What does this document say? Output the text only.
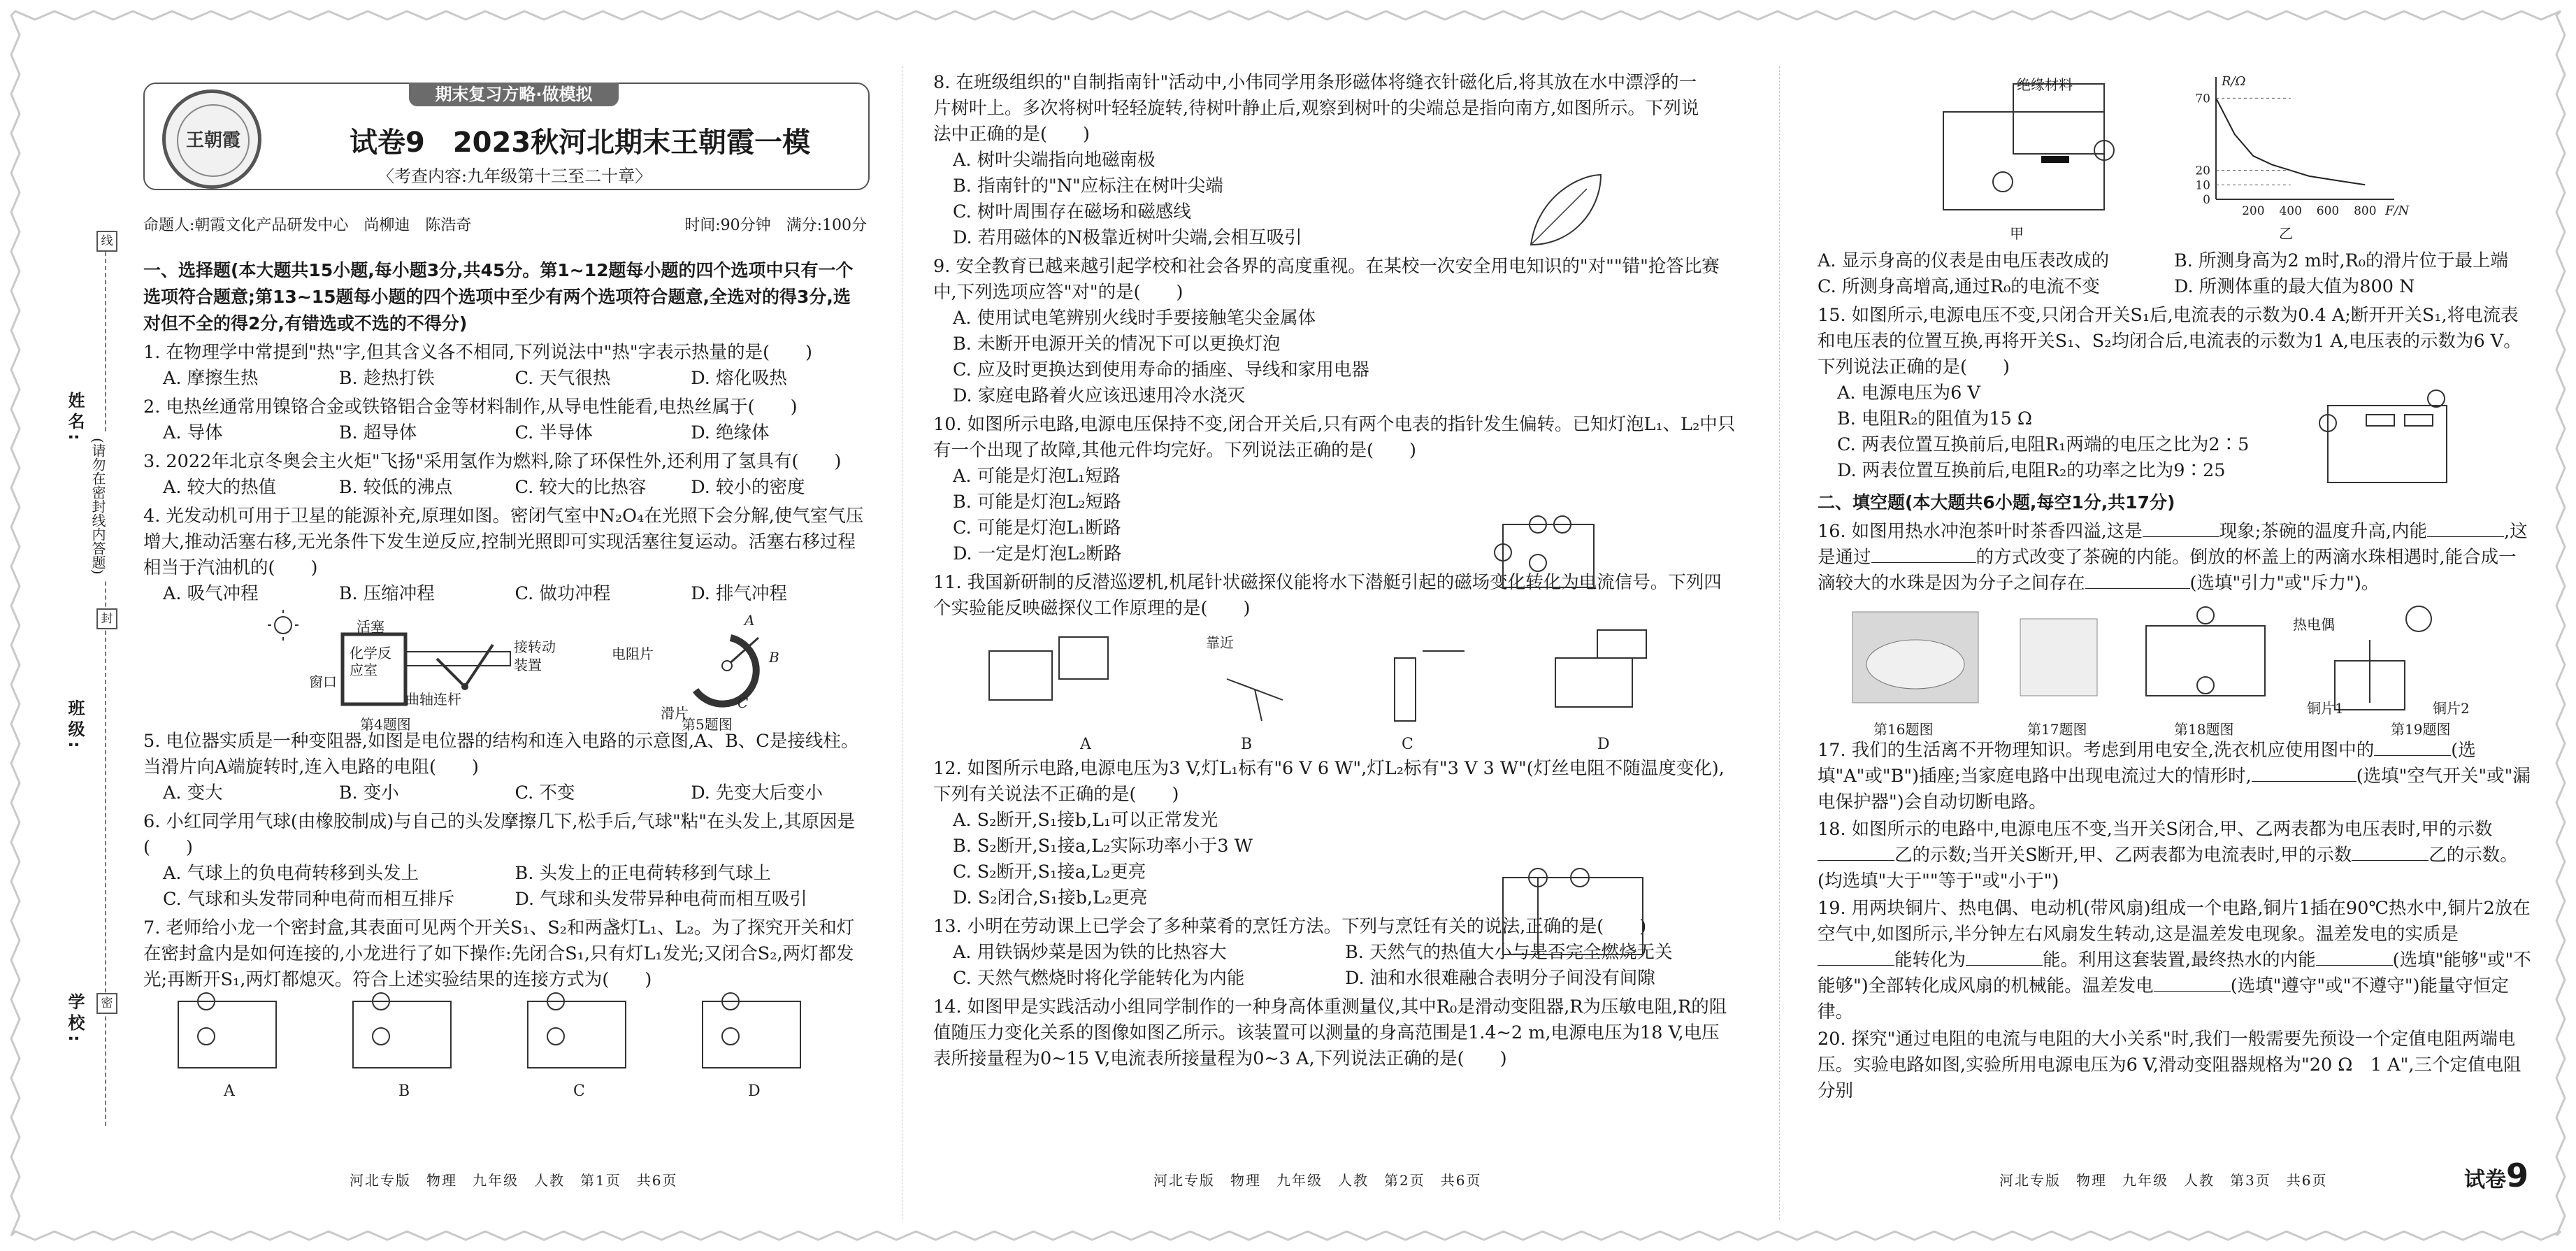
姓名:
班级:
学校:
线
封
密
(请勿在密封线内答题)
期末复习方略·做模拟
王朝霞	试卷9　2023秋河北期末王朝霞一模
〈考查内容:九年级第十三至二十章〉
命题人:朝霞文化产品研发中心　尚柳迪　陈浩奇	时间:90分钟　满分:100分
一、选择题(本大题共15小题,每小题3分,共45分。第1~12题每小题的四个选项中只有一个选项符合题意;第13~15题每小题的四个选项中至少有两个选项符合题意,全选对的得3分,选对但不全的得2分,有错选或不选的不得分)
1. 在物理学中常提到"热"字,但其含义各不相同,下列说法中"热"字表示热量的是(　　)
A. 摩擦生热	B. 趁热打铁	C. 天气很热	D. 熔化吸热
2. 电热丝通常用镍铬合金或铁铬铝合金等材料制作,从导电性能看,电热丝属于(　　)
A. 导体	B. 超导体	C. 半导体	D. 绝缘体
3. 2022年北京冬奥会主火炬"飞扬"采用氢作为燃料,除了环保性外,还利用了氢具有(　　)
A. 较大的热值	B. 较低的沸点	C. 较大的比热容	D. 较小的密度
4. 光发动机可用于卫星的能源补充,原理如图。密闭气室中N₂O₄在光照下会分解,使气室气压增大,推动活塞右移,无光条件下发生逆反应,控制光照即可实现活塞往复运动。活塞右移过程相当于汽油机的(　　)
A. 吸气冲程	B. 压缩冲程	C. 做功冲程	D. 排气冲程
A
B
C
活塞
窗口
化学反应室
曲轴连杆
接转动装置
电阻片
滑片
第4题图	第5题图
5. 电位器实质是一种变阻器,如图是电位器的结构和连入电路的示意图,A、B、C是接线柱。当滑片向A端旋转时,连入电路的电阻(　　)
A. 变大	B. 变小	C. 不变	D. 先变大后变小
6. 小红同学用气球(由橡胶制成)与自己的头发摩擦几下,松手后,气球"粘"在头发上,其原因是(　　)
A. 气球上的负电荷转移到头发上	B. 头发上的正电荷转移到气球上
C. 气球和头发带同种电荷而相互排斥	D. 气球和头发带异种电荷而相互吸引
7. 老师给小龙一个密封盒,其表面可见两个开关S₁、S₂和两盏灯L₁、L₂。为了探究开关和灯在密封盒内是如何连接的,小龙进行了如下操作:先闭合S₁,只有灯L₁发光;又闭合S₂,两灯都发光;再断开S₁,两灯都熄灭。符合上述实验结果的连接方式为(　　)
A	B	C	D
8. 在班级组织的"自制指南针"活动中,小伟同学用条形磁体将缝衣针磁化后,将其放在水中漂浮的一片树叶上。多次将树叶轻轻旋转,待树叶静止后,观察到树叶的尖端总是指向南方,如图所示。下列说法中正确的是(　　)
A. 树叶尖端指向地磁南极
B. 指南针的"N"应标注在树叶尖端
C. 树叶周围存在磁场和磁感线
D. 若用磁体的N极靠近树叶尖端,会相互吸引
9. 安全教育已越来越引起学校和社会各界的高度重视。在某校一次安全用电知识的"对""错"抢答比赛中,下列选项应答"对"的是(　　)
A. 使用试电笔辨别火线时手要接触笔尖金属体
B. 未断开电源开关的情况下可以更换灯泡
C. 应及时更换达到使用寿命的插座、导线和家用电器
D. 家庭电路着火应该迅速用冷水浇灭
10. 如图所示电路,电源电压保持不变,闭合开关后,只有两个电表的指针发生偏转。已知灯泡L₁、L₂中只有一个出现了故障,其他元件均完好。下列说法正确的是(　　)
A. 可能是灯泡L₁短路
B. 可能是灯泡L₂短路
C. 可能是灯泡L₁断路
D. 一定是灯泡L₂断路
11. 我国新研制的反潜巡逻机,机尾针状磁探仪能将水下潜艇引起的磁场变化转化为电流信号。下列四个实验能反映磁探仪工作原理的是(　　)
A	B	C	D
靠近
12. 如图所示电路,电源电压为3 V,灯L₁标有"6 V 6 W",灯L₂标有"3 V 3 W"(灯丝电阻不随温度变化),下列有关说法不正确的是(　　)
A. S₂断开,S₁接b,L₁可以正常发光
B. S₂断开,S₁接a,L₂实际功率小于3 W
C. S₂断开,S₁接a,L₂更亮
D. S₂闭合,S₁接b,L₂更亮
13. 小明在劳动课上已学会了多种菜肴的烹饪方法。下列与烹饪有关的说法,正确的是(　　)
A. 用铁锅炒菜是因为铁的比热容大	B. 天然气的热值大小与是否完全燃烧无关
C. 天然气燃烧时将化学能转化为内能	D. 油和水很难融合表明分子间没有间隙
14. 如图甲是实践活动小组同学制作的一种身高体重测量仪,其中R₀是滑动变阻器,R为压敏电阻,R的阻值随压力变化关系的图像如图乙所示。该装置可以测量的身高范围是1.4~2 m,电源电压为18 V,电压表所接量程为0~15 V,电流表所接量程为0~3 A,下列说法正确的是(　　)
绝缘材料
甲	乙
70
20
10
0
200 400 600 800
R/Ω
F/N
A. 显示身高的仪表是由电压表改成的	B. 所测身高为2 m时,R₀的滑片位于最上端
C. 所测身高增高,通过R₀的电流不变	D. 所测体重的最大值为800 N
15. 如图所示,电源电压不变,只闭合开关S₁后,电流表的示数为0.4 A;断开开关S₁,将电流表和电压表的位置互换,再将开关S₁、S₂均闭合后,电流表的示数为1 A,电压表的示数为6 V。下列说法正确的是(　　)
A. 电源电压为6 V
B. 电阻R₂的阻值为15 Ω
C. 两表位置互换前后,电阻R₁两端的电压之比为2∶5
D. 两表位置互换前后,电阻R₂的功率之比为9∶25
二、填空题(本大题共6小题,每空1分,共17分)
16. 如图用热水冲泡茶叶时茶香四溢,这是	现象;茶碗的温度升高,内能	,这是通过	的方式改变了茶碗的内能。倒放的杯盖上的两滴水珠相遇时,能合成一滴较大的水珠是因为分子之间存在	(选填"引力"或"斥力")。
第16题图	第17题图	第18题图	第19题图
热电偶
铜片1	铜片2
17. 我们的生活离不开物理知识。考虑到用电安全,洗衣机应使用图中的	(选填"A"或"B")插座;当家庭电路中出现电流过大的情形时,	(选填"空气开关"或"漏电保护器")会自动切断电路。
18. 如图所示的电路中,电源电压不变,当开关S闭合,甲、乙两表都为电压表时,甲的示数乙的示数;当开关S断开,甲、乙两表都为电流表时,甲的示数	乙的示数。(均选填"大于""等于"或"小于")
19. 用两块铜片、热电偶、电动机(带风扇)组成一个电路,铜片1插在90℃热水中,铜片2放在空气中,如图所示,半分钟左右风扇发生转动,这是温差发电现象。温差发电的实质是能转化为	能。利用这套装置,最终热水的内能	(选填"能够"或"不能够")全部转化成风扇的机械能。温差发电	(选填"遵守"或"不遵守")能量守恒定律。
20. 探究"通过电阻的电流与电阻的大小关系"时,我们一般需要先预设一个定值电阻两端电压。实验电路如图,实验所用电源电压为6 V,滑动变阻器规格为"20 Ω　1 A",三个定值电阻分别
河北专版　物理　九年级　人教　第1页　共6页	河北专版　物理　九年级　人教　第2页　共6页	河北专版　物理　九年级　人教　第3页　共6页	试卷9
